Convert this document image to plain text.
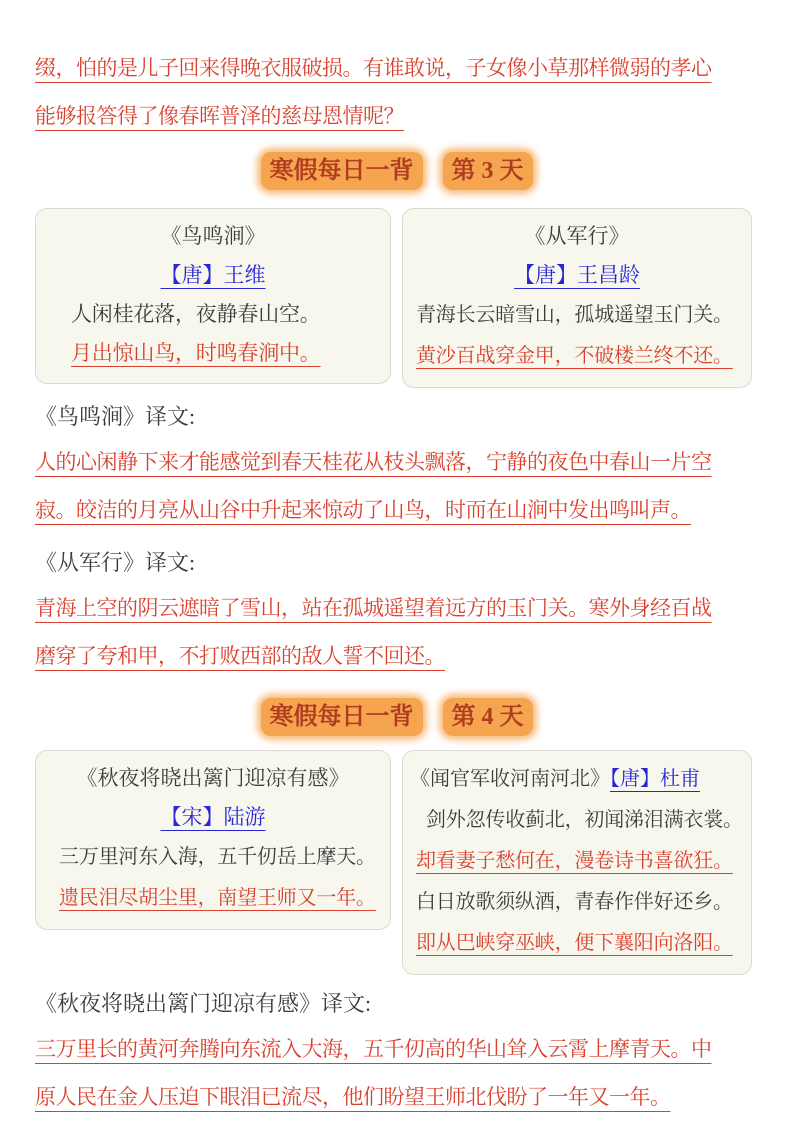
缀，怕的是儿子回来得晚衣服破损。有谁敢说，子女像小草那样微弱的孝心
能够报答得了像春晖普泽的慈母恩情呢？
寒假每日一背 第 3 天
《鸟鸣涧》
【唐】王维
人闲桂花落，夜静春山空。
月出惊山鸟，时鸣春涧中。
《从军行》
【唐】王昌龄
青海长云暗雪山，孤城遥望玉门关。
黄沙百战穿金甲，不破楼兰终不还。
《鸟鸣涧》译文:
人的心闲静下来才能感觉到春天桂花从枝头飘落，宁静的夜色中春山一片空
寂。皎洁的月亮从山谷中升起来惊动了山鸟，时而在山涧中发出鸣叫声。
《从军行》译文:
青海上空的阴云遮暗了雪山，站在孤城遥望着远方的玉门关。寒外身经百战
磨穿了夸和甲，不打败西部的敌人誓不回还。
寒假每日一背 第 4 天
《秋夜将晓出篱门迎凉有感》
【宋】陆游
三万里河东入海，五千仞岳上摩天。
遗民泪尽胡尘里，南望王师又一年。
《闻官军收河南河北》【唐】杜甫
剑外忽传收蓟北，初闻涕泪满衣裳。
却看妻子愁何在，漫卷诗书喜欲狂。
白日放歌须纵酒，青春作伴好还乡。
即从巴峡穿巫峡，便下襄阳向洛阳。
《秋夜将晓出篱门迎凉有感》译文:
三万里长的黄河奔腾向东流入大海，五千仞高的华山耸入云霄上摩青天。中
原人民在金人压迫下眼泪已流尽，他们盼望王师北伐盼了一年又一年。
